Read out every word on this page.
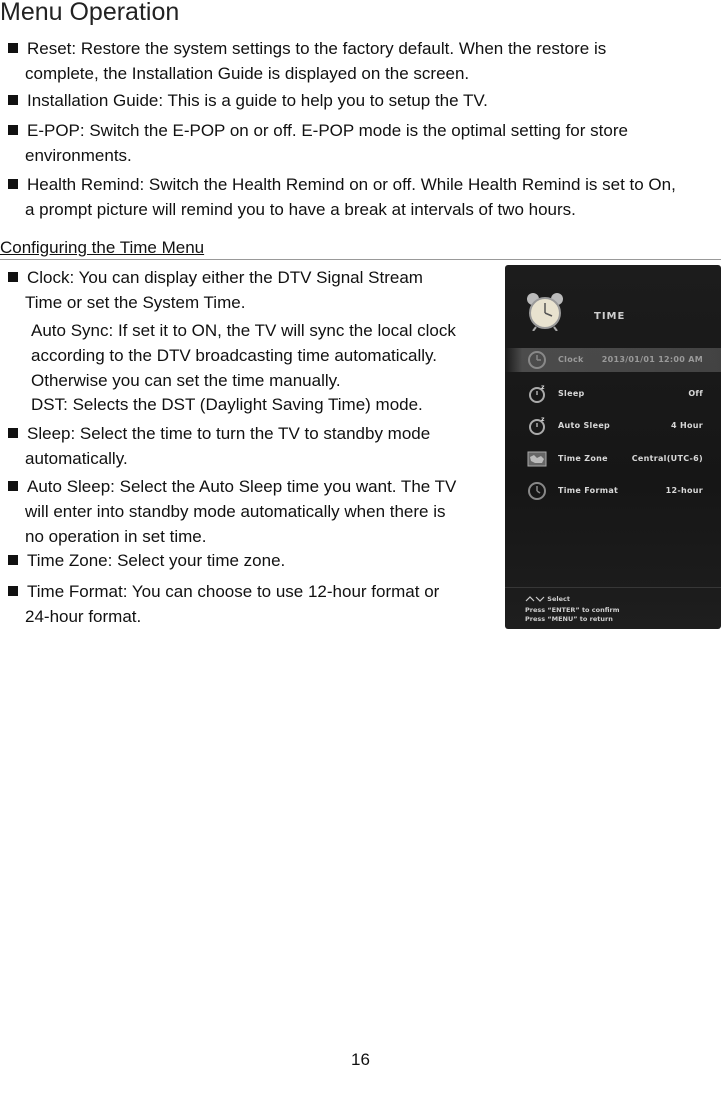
Menu Operation
Reset: Restore the system settings to the factory default. When the restore is
complete, the Installation Guide is displayed on the screen.
Installation Guide: This is a guide to help you to setup the TV.
E-POP: Switch the E-POP on or off. E-POP mode is the optimal setting for store
environments.
Health Remind: Switch the Health Remind on or off. While Health Remind is set to On,
a prompt picture will remind you to have a break at intervals of two hours.
Configuring the Time Menu
Clock: You can display either the DTV Signal Stream
Time or set the System Time.
Auto Sync: If set it to ON, the TV will sync the local clock
according to the DTV broadcasting time automatically.
Otherwise you can set the time manually.
DST: Selects the DST (Daylight Saving Time) mode.
Sleep: Select the time to turn the TV to standby mode
automatically.
Auto Sleep: Select the Auto Sleep time you want. The TV
will enter into standby mode automatically when there is
no operation in set time.
Time Zone: Select your time zone.
Time Format: You can choose to use 12-hour format or
24-hour format.
TIME
Clock 2013/01/01 12:00 AM
z
Sleep	Off
z
Auto Sleep	4 Hour
Time Zone	Central(UTC-6)
Time Format	12-hour
Select
Press “ENTER” to confirm
Press “MENU” to return
16
